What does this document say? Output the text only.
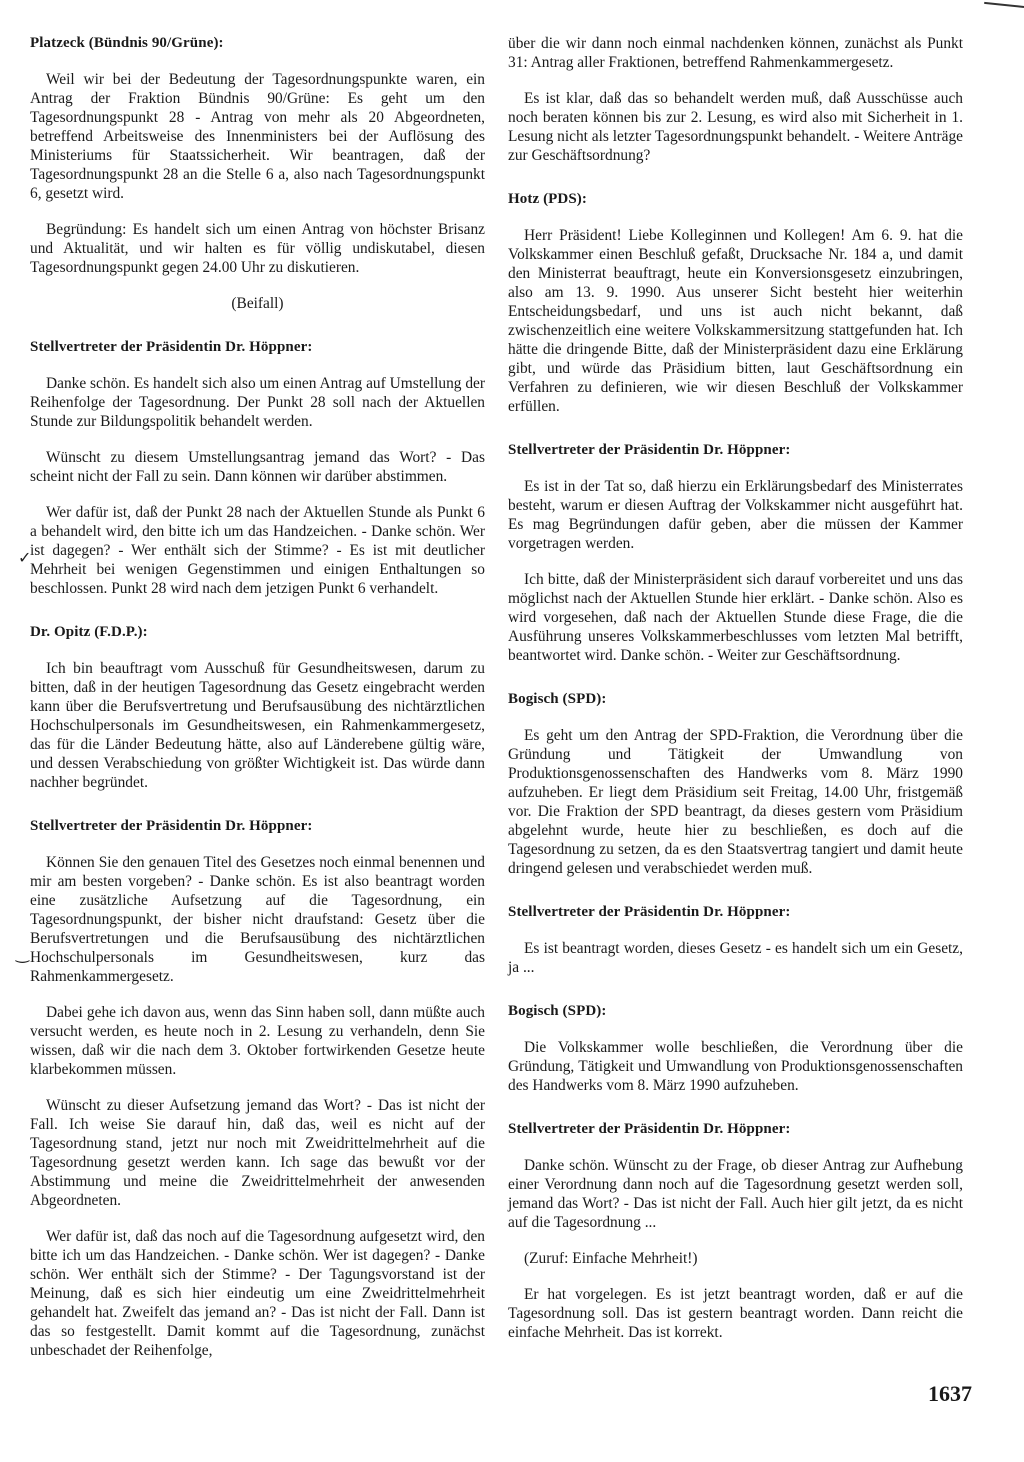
✓
‿
Platzeck (Bündnis 90/Grüne):
Weil wir bei der Bedeutung der Tagesordnungspunkte waren, ein Antrag der Fraktion Bündnis 90/Grüne: Es geht um den Tagesordnungspunkt 28 - Antrag von mehr als 20 Abgeordneten, betreffend Arbeitsweise des Innenministers bei der Auflösung des Ministeriums für Staatssicherheit. Wir beantragen, daß der Tagesordnungspunkt 28 an die Stelle 6 a, also nach Tagesordnungspunkt 6, gesetzt wird.
Begründung: Es handelt sich um einen Antrag von höchster Brisanz und Aktualität, und wir halten es für völlig undiskutabel, diesen Tagesordnungspunkt gegen 24.00 Uhr zu diskutieren.
(Beifall)
Stellvertreter der Präsidentin Dr. Höppner:
Danke schön. Es handelt sich also um einen Antrag auf Umstellung der Reihenfolge der Tagesordnung. Der Punkt 28 soll nach der Aktuellen Stunde zur Bildungspolitik behandelt werden.
Wünscht zu diesem Umstellungsantrag jemand das Wort? - Das scheint nicht der Fall zu sein. Dann können wir darüber abstimmen.
Wer dafür ist, daß der Punkt 28 nach der Aktuellen Stunde als Punkt 6 a behandelt wird, den bitte ich um das Handzeichen. - Danke schön. Wer ist dagegen? - Wer enthält sich der Stimme? - Es ist mit deutlicher Mehrheit bei wenigen Gegenstimmen und einigen Enthaltungen so beschlossen. Punkt 28 wird nach dem jetzigen Punkt 6 verhandelt.
Dr. Opitz (F.D.P.):
Ich bin beauftragt vom Ausschuß für Gesundheitswesen, darum zu bitten, daß in der heutigen Tagesordnung das Gesetz eingebracht werden kann über die Berufsvertretung und Berufsausübung des nichtärztlichen Hochschulpersonals im Gesundheitswesen, ein Rahmenkammergesetz, das für die Länder Bedeutung hätte, also auf Länderebene gültig wäre, und dessen Verabschiedung von größter Wichtigkeit ist. Das würde dann nachher begründet.
Stellvertreter der Präsidentin Dr. Höppner:
Können Sie den genauen Titel des Gesetzes noch einmal benennen und mir am besten vorgeben? - Danke schön. Es ist also beantragt worden eine zusätzliche Aufsetzung auf die Tagesordnung, ein Tagesordnungspunkt, der bisher nicht draufstand: Gesetz über die Berufsvertretungen und die Berufsausübung des nichtärztlichen Hochschulpersonals im Gesundheitswesen, kurz das Rahmenkammergesetz.
Dabei gehe ich davon aus, wenn das Sinn haben soll, dann müßte auch versucht werden, es heute noch in 2. Lesung zu verhandeln, denn Sie wissen, daß wir die nach dem 3. Oktober fortwirkenden Gesetze heute klarbekommen müssen.
Wünscht zu dieser Aufsetzung jemand das Wort? - Das ist nicht der Fall. Ich weise Sie darauf hin, daß das, weil es nicht auf der Tagesordnung stand, jetzt nur noch mit Zweidrittelmehrheit auf die Tagesordnung gesetzt werden kann. Ich sage das bewußt vor der Abstimmung und meine die Zweidrittelmehrheit der anwesenden Abgeordneten.
Wer dafür ist, daß das noch auf die Tagesordnung aufgesetzt wird, den bitte ich um das Handzeichen. - Danke schön. Wer ist dagegen? - Danke schön. Wer enthält sich der Stimme? - Der Tagungsvorstand ist der Meinung, daß es sich hier eindeutig um eine Zweidrittelmehrheit gehandelt hat. Zweifelt das jemand an? - Das ist nicht der Fall. Dann ist das so festgestellt. Damit kommt auf die Tagesordnung, zunächst unbeschadet der Reihenfolge,
über die wir dann noch einmal nachdenken können, zunächst als Punkt 31: Antrag aller Fraktionen, betreffend Rahmenkammergesetz.
Es ist klar, daß das so behandelt werden muß, daß Ausschüsse auch noch beraten können bis zur 2. Lesung, es wird also mit Sicherheit in 1. Lesung nicht als letzter Tagesordnungspunkt behandelt. - Weitere Anträge zur Geschäftsordnung?
Hotz (PDS):
Herr Präsident! Liebe Kolleginnen und Kollegen! Am 6. 9. hat die Volkskammer einen Beschluß gefaßt, Drucksache Nr. 184 a, und damit den Ministerrat beauftragt, heute ein Konversionsgesetz einzubringen, also am 13. 9. 1990. Aus unserer Sicht besteht hier weiterhin Entscheidungsbedarf, und uns ist auch nicht bekannt, daß zwischenzeitlich eine weitere Volkskammersitzung stattgefunden hat. Ich hätte die dringende Bitte, daß der Ministerpräsident dazu eine Erklärung gibt, und würde das Präsidium bitten, laut Geschäftsordnung ein Verfahren zu definieren, wie wir diesen Beschluß der Volkskammer erfüllen.
Stellvertreter der Präsidentin Dr. Höppner:
Es ist in der Tat so, daß hierzu ein Erklärungsbedarf des Ministerrates besteht, warum er diesen Auftrag der Volkskammer nicht ausgeführt hat. Es mag Begründungen dafür geben, aber die müssen der Kammer vorgetragen werden.
Ich bitte, daß der Ministerpräsident sich darauf vorbereitet und uns das möglichst nach der Aktuellen Stunde hier erklärt. - Danke schön. Also es wird vorgesehen, daß nach der Aktuellen Stunde diese Frage, die die Ausführung unseres Volkskammerbeschlusses vom letzten Mal betrifft, beantwortet wird. Danke schön. - Weiter zur Geschäftsordnung.
Bogisch (SPD):
Es geht um den Antrag der SPD-Fraktion, die Verordnung über die Gründung und Tätigkeit der Umwandlung von Produktionsgenossenschaften des Handwerks vom 8. März 1990 aufzuheben. Er liegt dem Präsidium seit Freitag, 14.00 Uhr, fristgemäß vor. Die Fraktion der SPD beantragt, da dieses gestern vom Präsidium abgelehnt wurde, heute hier zu beschließen, es doch auf die Tagesordnung zu setzen, da es den Staatsvertrag tangiert und damit heute dringend gelesen und verabschiedet werden muß.
Stellvertreter der Präsidentin Dr. Höppner:
Es ist beantragt worden, dieses Gesetz - es handelt sich um ein Gesetz, ja ...
Bogisch (SPD):
Die Volkskammer wolle beschließen, die Verordnung über die Gründung, Tätigkeit und Umwandlung von Produktionsgenossenschaften des Handwerks vom 8. März 1990 aufzuheben.
Stellvertreter der Präsidentin Dr. Höppner:
Danke schön. Wünscht zu der Frage, ob dieser Antrag zur Aufhebung einer Verordnung dann noch auf die Tagesordnung gesetzt werden soll, jemand das Wort? - Das ist nicht der Fall. Auch hier gilt jetzt, da es nicht auf die Tagesordnung ...
(Zuruf: Einfache Mehrheit!)
Er hat vorgelegen. Es ist jetzt beantragt worden, daß er auf die Tagesordnung soll. Das ist gestern beantragt worden. Dann reicht die einfache Mehrheit. Das ist korrekt.
1637
